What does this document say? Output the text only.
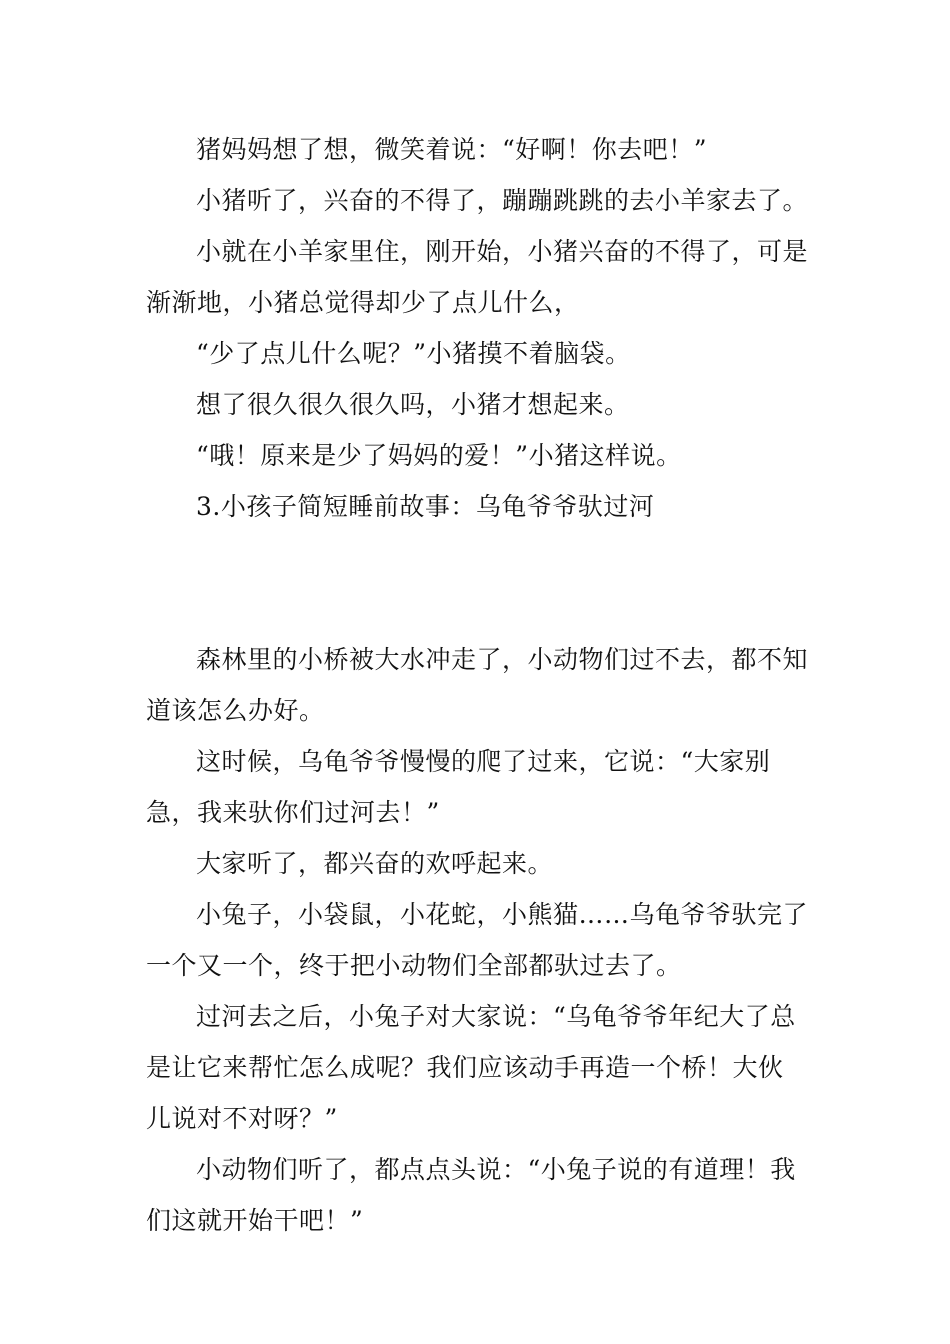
猪妈妈想了想，微笑着说：“好啊！你去吧！”

小猪听了，兴奋的不得了，蹦蹦跳跳的去小羊家去了。

小就在小羊家里住，刚开始，小猪兴奋的不得了，可是渐渐地，小猪总觉得却少了点儿什么，

“少了点儿什么呢？”小猪摸不着脑袋。

想了很久很久很久吗，小猪才想起来。

“哦！原来是少了妈妈的爱！”小猪这样说。

3.小孩子简短睡前故事：乌龟爷爷驮过河

森林里的小桥被大水冲走了，小动物们过不去，都不知道该怎么办好。

这时候，乌龟爷爷慢慢的爬了过来，它说：“大家别急，我来驮你们过河去！”

大家听了，都兴奋的欢呼起来。

小兔子，小袋鼠，小花蛇，小熊猫……乌龟爷爷驮完了一个又一个，终于把小动物们全部都驮过去了。

过河去之后，小兔子对大家说：“乌龟爷爷年纪大了总是让它来帮忙怎么成呢？我们应该动手再造一个桥！大伙儿说对不对呀？”

小动物们听了，都点点头说：“小兔子说的有道理！我们这就开始干吧！”
